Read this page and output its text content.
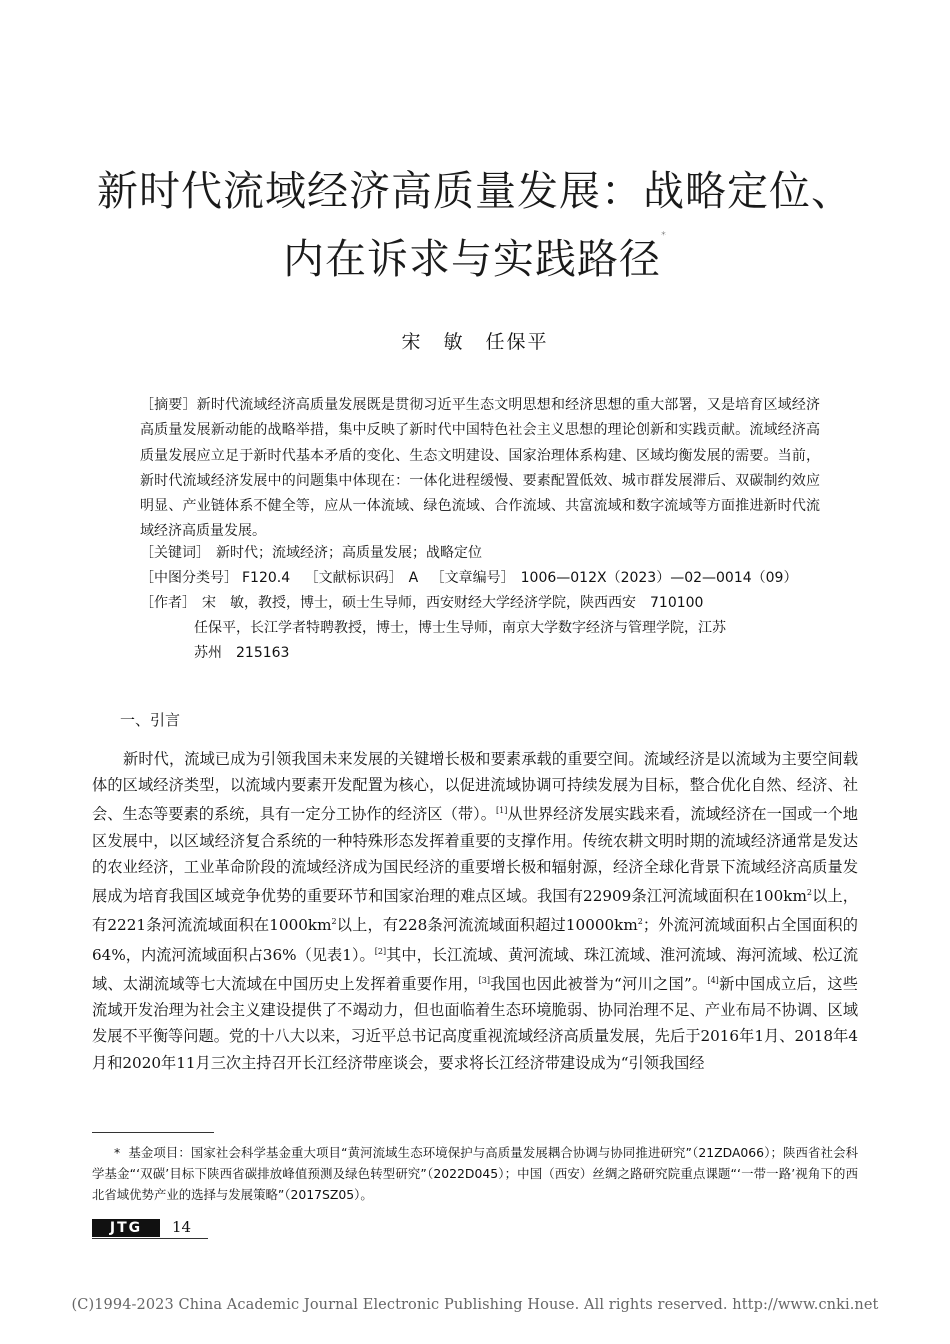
新时代流域经济高质量发展：战略定位、
内在诉求与实践路径*
宋　敏　任保平
［摘要］新时代流域经济高质量发展既是贯彻习近平生态文明思想和经济思想的重大部署，又是培育区域经济高质量发展新动能的战略举措，集中反映了新时代中国特色社会主义思想的理论创新和实践贡献。流域经济高质量发展应立足于新时代基本矛盾的变化、生态文明建设、国家治理体系构建、区域均衡发展的需要。当前，新时代流域经济发展中的问题集中体现在：一体化进程缓慢、要素配置低效、城市群发展滞后、双碳制约效应明显、产业链体系不健全等，应从一体流域、绿色流域、合作流域、共富流域和数字流域等方面推进新时代流域经济高质量发展。
［关键词］ 新时代；流域经济；高质量发展；战略定位
［中图分类号］ F120.4 ［文献标识码］ A ［文章编号］ 1006—012X（2023）—02—0014（09）
［作者］ 宋　敏，教授，博士，硕士生导师，西安财经大学经济学院，陕西西安　710100
任保平，长江学者特聘教授，博士，博士生导师，南京大学数字经济与管理学院，江苏
苏州　215163
一、引言
新时代，流域已成为引领我国未来发展的关键增长极和要素承载的重要空间。流域经济是以流域为主要空间载体的区域经济类型，以流域内要素开发配置为核心，以促进流域协调可持续发展为目标，整合优化自然、经济、社会、生态等要素的系统，具有一定分工协作的经济区（带）。[1]从世界经济发展实践来看，流域经济在一国或一个地区发展中，以区域经济复合系统的一种特殊形态发挥着重要的支撑作用。传统农耕文明时期的流域经济通常是发达的农业经济，工业革命阶段的流域经济成为国民经济的重要增长极和辐射源，经济全球化背景下流域经济高质量发展成为培育我国区域竞争优势的重要环节和国家治理的难点区域。我国有22909条江河流域面积在$100km^2$以上，有2221条河流流域面积在$1000km^2$以上，有228条河流流域面积超过$10000km^2$；外流河流域面积占全国面积的64%，内流河流域面积占36%（见表1）。[2]其中，长江流域、黄河流域、珠江流域、淮河流域、海河流域、松辽流域、太湖流域等七大流域在中国历史上发挥着重要作用，[3]我国也因此被誉为“河川之国”。[4]新中国成立后，这些流域开发治理为社会主义建设提供了不竭动力，但也面临着生态环境脆弱、协同治理不足、产业布局不协调、区域发展不平衡等问题。党的十八大以来，习近平总书记高度重视流域经济高质量发展，先后于2016年1月、2018年4月和2020年11月三次主持召开长江经济带座谈会，要求将长江经济带建设成为“引领我国经
* 基金项目：国家社会科学基金重大项目“黄河流域生态环境保护与高质量发展耦合协调与协同推进研究”（21ZDA066）；陕西省社会科学基金“‘双碳’目标下陕西省碳排放峰值预测及绿色转型研究”（2022D045）；中国（西安）丝绸之路研究院重点课题“‘一带一路’视角下的西北省域优势产业的选择与发展策略”（2017SZ05）。
JTG	14
(C)1994-2023 China Academic Journal Electronic Publishing House. All rights reserved. http://www.cnki.net
